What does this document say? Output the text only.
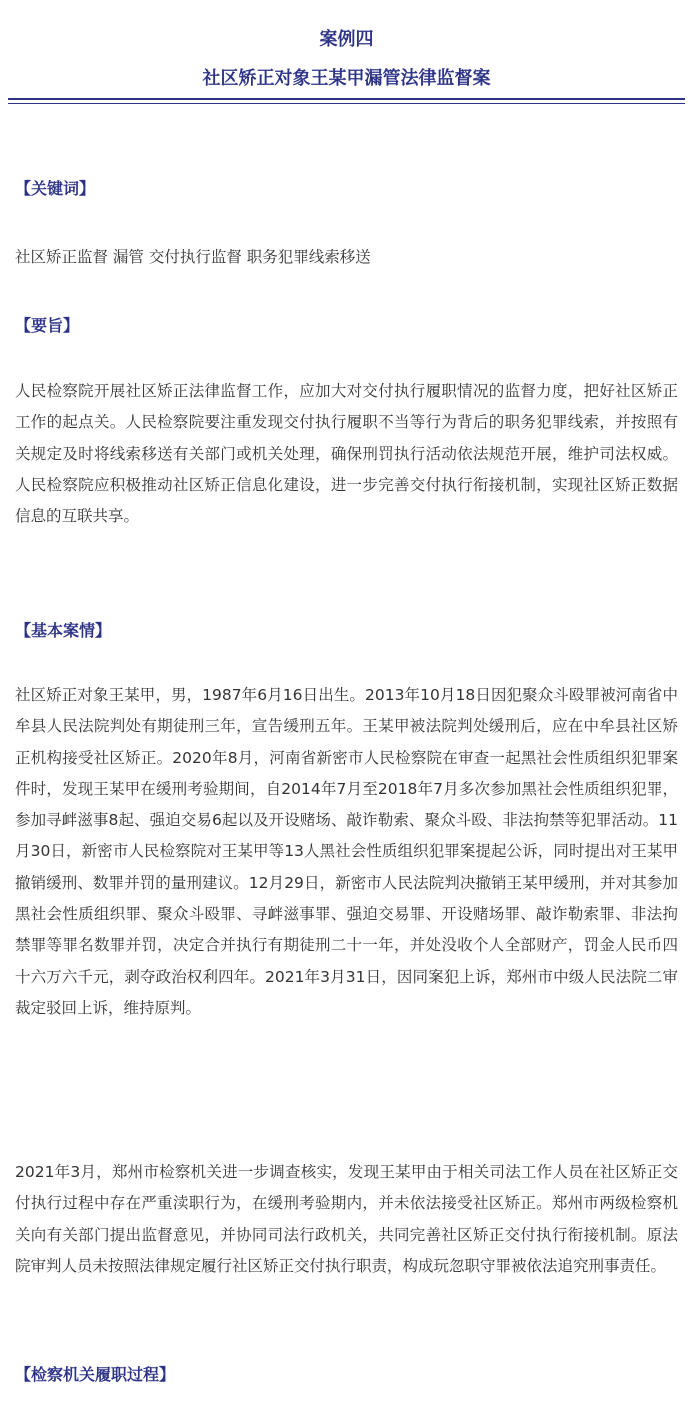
案例四
社区矫正对象王某甲漏管法律监督案
【关键词】
社区矫正监督 漏管 交付执行监督 职务犯罪线索移送
【要旨】

人民检察院开展社区矫正法律监督工作，应加大对交付执行履职情况的监督力度，把好社区矫正工作的起点关。人民检察院要注重发现交付执行履职不当等行为背后的职务犯罪线索，并按照有关规定及时将线索移送有关部门或机关处理，确保刑罚执行活动依法规范开展，维护司法权威。人民检察院应积极推动社区矫正信息化建设，进一步完善交付执行衔接机制，实现社区矫正数据信息的互联共享。

【基本案情】

社区矫正对象王某甲，男，1987年6月16日出生。2013年10月18日因犯聚众斗殴罪被河南省中牟县人民法院判处有期徒刑三年，宣告缓刑五年。王某甲被法院判处缓刑后，应在中牟县社区矫正机构接受社区矫正。2020年8月，河南省新密市人民检察院在审查一起黑社会性质组织犯罪案件时，发现王某甲在缓刑考验期间，自2014年7月至2018年7月多次参加黑社会性质组织犯罪，参加寻衅滋事8起、强迫交易6起以及开设赌场、敲诈勒索、聚众斗殴、非法拘禁等犯罪活动。11月30日，新密市人民检察院对王某甲等13人黑社会性质组织犯罪案提起公诉，同时提出对王某甲撤销缓刑、数罪并罚的量刑建议。12月29日，新密市人民法院判决撤销王某甲缓刑，并对其参加黑社会性质组织罪、聚众斗殴罪、寻衅滋事罪、强迫交易罪、开设赌场罪、敲诈勒索罪、非法拘禁罪等罪名数罪并罚，决定合并执行有期徒刑二十一年，并处没收个人全部财产，罚金人民币四十六万六千元，剥夺政治权利四年。2021年3月31日，因同案犯上诉，郑州市中级人民法院二审裁定驳回上诉，维持原判。

2021年3月，郑州市检察机关进一步调查核实，发现王某甲由于相关司法工作人员在社区矫正交付执行过程中存在严重渎职行为，在缓刑考验期内，并未依法接受社区矫正。郑州市两级检察机关向有关部门提出监督意见，并协同司法行政机关，共同完善社区矫正交付执行衔接机制。原法院审判人员未按照法律规定履行社区矫正交付执行职责，构成玩忽职守罪被依法追究刑事责任。

【检察机关履职过程】
